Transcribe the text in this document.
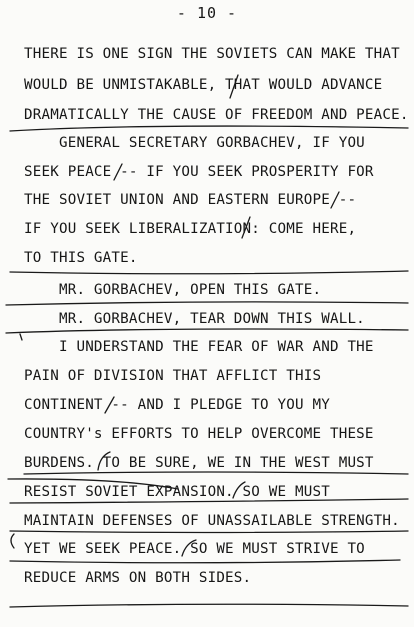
- 10 -
THERE IS ONE SIGN THE SOVIETS CAN MAKE THAT
WOULD BE UNMISTAKABLE, THAT WOULD ADVANCE
DRAMATICALLY THE CAUSE OF FREEDOM AND PEACE.
GENERAL SECRETARY GORBACHEV, IF YOU
SEEK PEACE -- IF YOU SEEK PROSPERITY FOR
THE SOVIET UNION AND EASTERN EUROPE --
IF YOU SEEK LIBERALIZATION: COME HERE,
TO THIS GATE.
MR. GORBACHEV, OPEN THIS GATE.
MR. GORBACHEV, TEAR DOWN THIS WALL.
I UNDERSTAND THE FEAR OF WAR AND THE
PAIN OF DIVISION THAT AFFLICT THIS
CONTINENT -- AND I PLEDGE TO YOU MY
COUNTRY's EFFORTS TO HELP OVERCOME THESE
BURDENS. TO BE SURE, WE IN THE WEST MUST
RESIST SOVIET EXPANSION. SO WE MUST
MAINTAIN DEFENSES OF UNASSAILABLE STRENGTH.
YET WE SEEK PEACE. SO WE MUST STRIVE TO
REDUCE ARMS ON BOTH SIDES.
